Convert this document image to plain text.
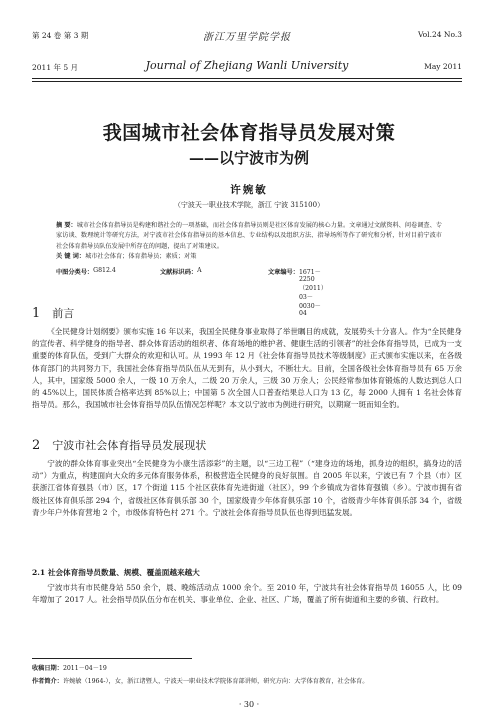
第 24 卷 第 3 期	浙江万里学院学报	Vol.24 No.3
2011 年 5 月	Journal of Zhejiang Wanli University	May 2011
我国城市社会体育指导员发展对策
——以宁波市为例
许婉敏
（宁波天一职业技术学院，浙江 宁波 315100）
摘 要：城市社会体育指导员是构建和谐社会的一项基础，而社会体育指导员则是社区体育发展的核心力量。文章通过文献资料、问卷调查、专家访谈、数理统计等研究方法，对宁波市社会体育指导员的基本信息、专业结构以及组织方法、指导场所等作了研究和分析，针对目前宁波市社会体育指导员队伍发展中所存在的问题，提出了对策建议。
关 键 词：城市社会体育；体育指导员；素质；对策
中图分类号： G812.4	文献标识码： A	文章编号： 1671－2250（2011）03－0030－04
1 前言

《全民健身计划纲要》颁布实施 16 年以来，我国全民健身事业取得了举世瞩目的成就，发展势头十分喜人。作为“全民健身的宣传者、科学健身的指导者、群众体育活动的组织者、体育场地的维护者、健康生活的引领者”的社会体育指导员，已成为一支重要的体育队伍，受到广大群众的欢迎和认可。从 1993 年 12 月《社会体育指导员技术等级制度》正式颁布实施以来，在各级体育部门的共同努力下，我国社会体育指导员队伍从无到有，从小到大，不断壮大。目前，全国各级社会体育指导员有 65 万余人，其中，国家级 5000 余人，一级 10 万余人，二级 20 万余人，三级 30 万余人；公民经常参加体育锻炼的人数达到总人口的 45%以上，国民体质合格率达到 85%以上；中国第 5 次全国人口普查结果总人口为 13 亿，每 2000 人拥有 1 名社会体育指导员。那么，我国城市社会体育指导员队伍情况怎样呢？本文以宁波市为例进行研究，以期窥一斑而知全豹。

2 宁波市社会体育指导员发展现状

宁波的群众体育事业突出“全民健身为小康生活添彩”的主题，以“三边工程”（“建身边的场地，抓身边的组织，搞身边的活动”）为重点，构建面向大众的多元体育服务体系，积极营造全民健身的良好氛围。自 2005 年以来，宁波已有 7 个县（市）区获浙江省体育强县（市）区，17 个街道 115 个社区获体育先进街道（社区），99 个乡镇成为省体育强镇（乡）。宁波市拥有省级社区体育俱乐部 294 个，省级社区体育俱乐部 30 个，国家级青少年体育俱乐部 10 个，省级青少年体育俱乐部 34 个，省级青少年户外体育营地 2 个，市级体育特色村 271 个。宁波社会体育指导员队伍也得到迅猛发展。

2.1 社会体育指导员数量、规模、覆盖面越来越大

宁波市共有市民健身站 550 余个，晨、晚练活动点 1000 余个。至 2010 年，宁波共有社会体育指导员 16055 人，比 09 年增加了 2017 人。社会指导员队伍分布在机关、事业单位、企业、社区、广场，覆盖了所有街道和主要的乡镇、行政村。

收稿日期：2011－04－19
作者简介：许婉敏（1964-），女，浙江诸暨人，宁波天一职业技术学院体育部讲师，研究方向：大学体育教育，社会体育。
· 30 ·
